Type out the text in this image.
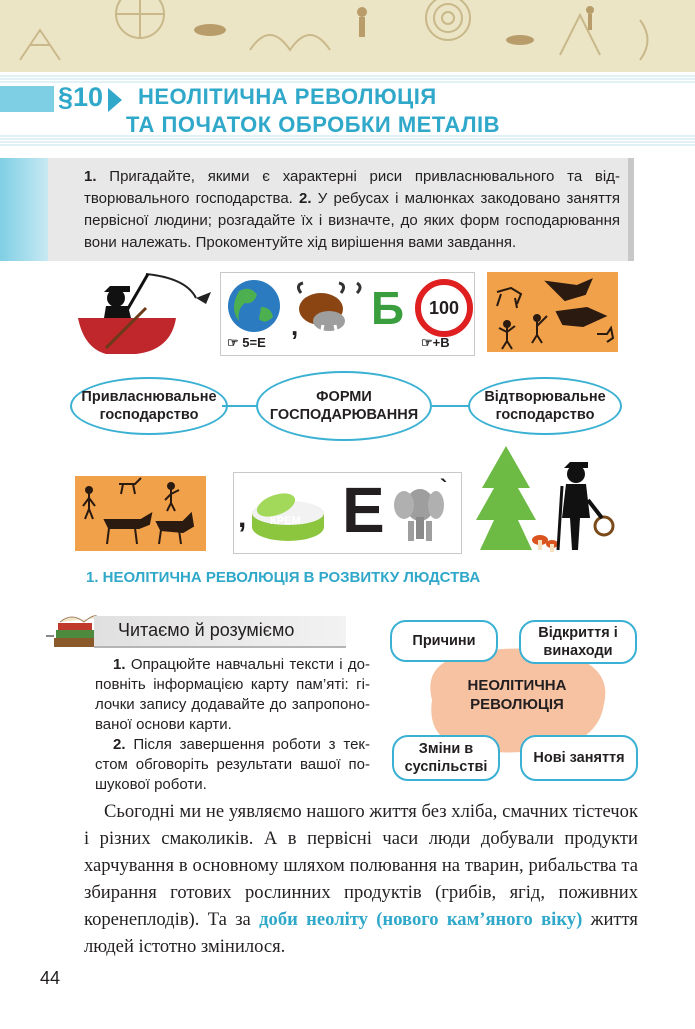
§10 НЕОЛІТИЧНА РЕВОЛЮЦІЯ
ТА ПОЧАТОК ОБРОБКИ МЕТАЛІВ
1. Пригадайте, якими є характерні риси привласнювального та відтворювального господарства. 2. У ребусах і малюнках закодовано заняття первісної людини; розгадайте їх і визначте, до яких форм господарювання вони належать. Прокоментуйте хід вирішення вами завдання.
☞ 5=Е
, Б	100
☞+В
Привласнювальне господарство
ФОРМИ ГОСПОДАРЮВАННЯ
Відтворювальне господарство
, КРЕМ Е	`
1. НЕОЛІТИЧНА РЕВОЛЮЦІЯ В РОЗВИТКУ ЛЮДСТВА
Читаємо й розуміємо

1. Опрацюйте навчальні тексти і доповніть інформацією карту пам’яті: гілочки запису додавайте до запропонованої основи карти.

2. Після завершення роботи з текстом обговоріть результати вашої пошукової роботи.

Причини	Відкриття і винаходи
НЕОЛІТИЧНА РЕВОЛЮЦІЯ
Зміни в суспільстві
Нові заняття
Сьогодні ми не уявляємо нашого життя без хліба, смачних тістечок і різних смаколиків. А в первісні часи люди добували продукти харчування в основному шляхом полювання на тварин, рибальства та збирання готових рослинних продуктів (грибів, ягід, поживних коренеплодів). Та за доби неоліту (нового кам’яного віку) життя людей істотно змінилося.
44
